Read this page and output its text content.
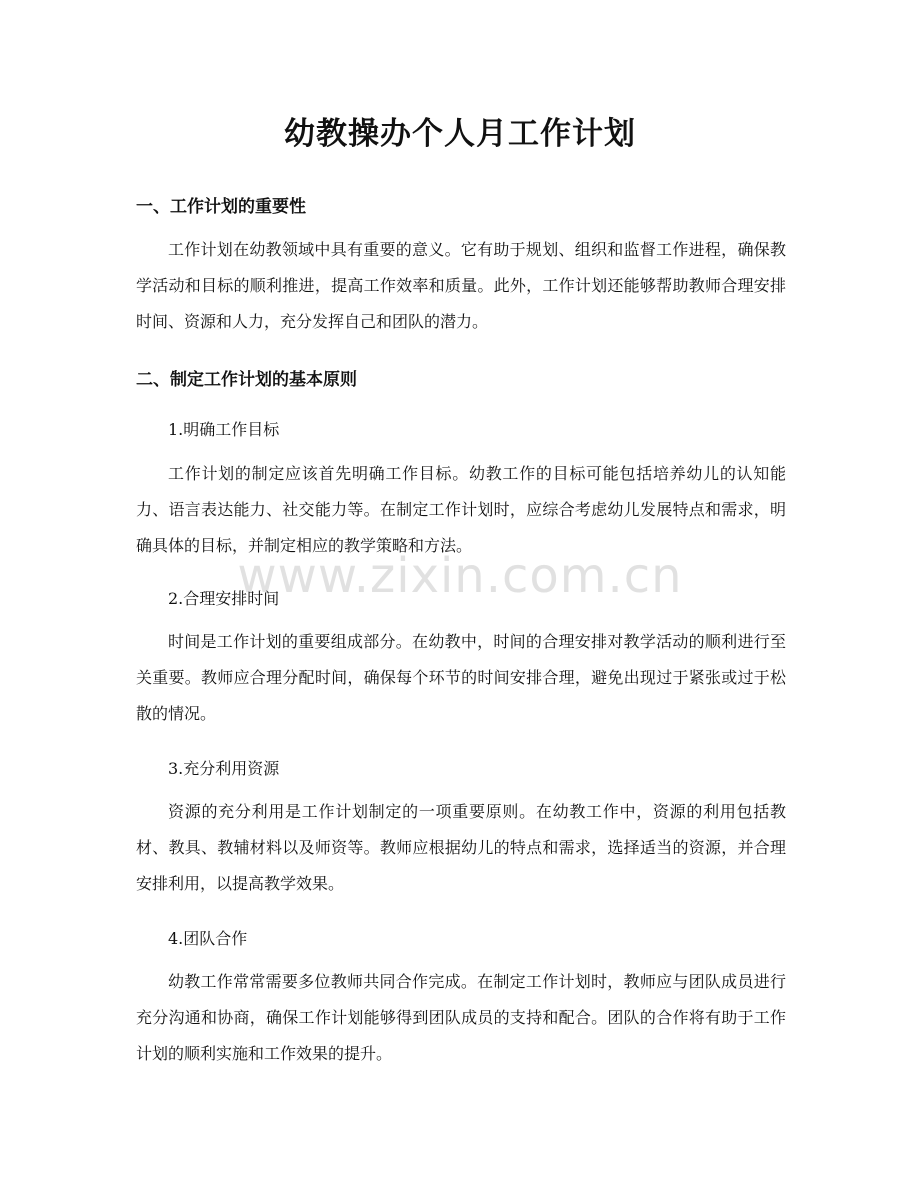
幼教操办个人月工作计划
一、工作计划的重要性

工作计划在幼教领域中具有重要的意义。它有助于规划、组织和监督工作进程，确保教学活动和目标的顺利推进，提高工作效率和质量。此外，工作计划还能够帮助教师合理安排时间、资源和人力，充分发挥自己和团队的潜力。

二、制定工作计划的基本原则

1.明确工作目标

工作计划的制定应该首先明确工作目标。幼教工作的目标可能包括培养幼儿的认知能力、语言表达能力、社交能力等。在制定工作计划时，应综合考虑幼儿发展特点和需求，明确具体的目标，并制定相应的教学策略和方法。

2.合理安排时间

时间是工作计划的重要组成部分。在幼教中，时间的合理安排对教学活动的顺利进行至关重要。教师应合理分配时间，确保每个环节的时间安排合理，避免出现过于紧张或过于松散的情况。

3.充分利用资源

资源的充分利用是工作计划制定的一项重要原则。在幼教工作中，资源的利用包括教材、教具、教辅材料以及师资等。教师应根据幼儿的特点和需求，选择适当的资源，并合理安排利用，以提高教学效果。

4.团队合作

幼教工作常常需要多位教师共同合作完成。在制定工作计划时，教师应与团队成员进行充分沟通和协商，确保工作计划能够得到团队成员的支持和配合。团队的合作将有助于工作计划的顺利实施和工作效果的提升。

www.zixin.com.cn
